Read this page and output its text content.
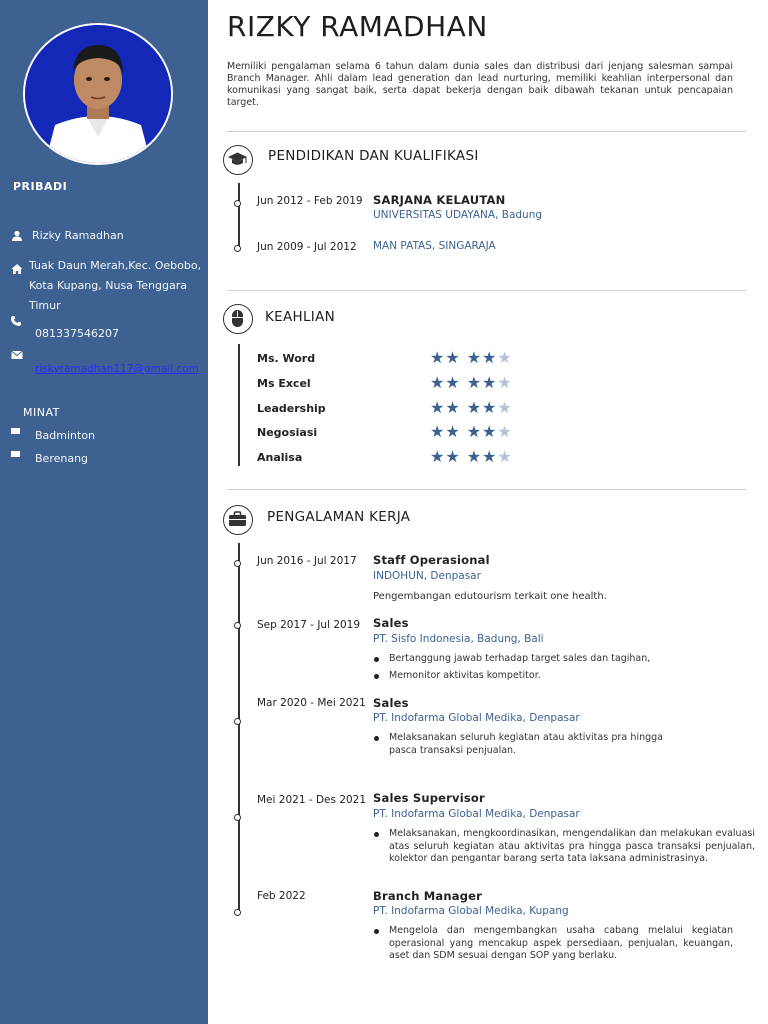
PRIBADI
Rizky Ramadhan
Tuak Daun Merah,Kec. Oebobo, Kota Kupang, Nusa Tenggara Timur
081337546207
riskyramadhan117@gmail.com
MINAT
Badminton
Berenang
RIZKY RAMADHAN
Memiliki pengalaman selama 6 tahun dalam dunia sales dan distribusi dari jenjang salesman sampai Branch Manager. Ahli dalam lead generation dan lead nurturing, memiliki keahlian interpersonal dan komunikasi yang sangat baik, serta dapat bekerja dengan baik dibawah tekanan untuk pencapaian target.
PENDIDIKAN DAN KUALIFIKASI
Jun 2012 - Feb 2019 SARJANA KELAUTAN
UNIVERSITAS UDAYANA, Badung
Jun 2009 - Jul 2012 MAN PATAS, SINGARAJA
KEAHLIAN
Ms. Word	★★ ★★★
Ms Excel	★★ ★★★
Leadership	★★ ★★★
Negosiasi	★★ ★★★
Analisa	★★ ★★★
PENGALAMAN KERJA
Jun 2016 - Jul 2017 Staff Operasional
INDOHUN, Denpasar
Pengembangan edutourism terkait one health.
Sep 2017 - Jul 2019 Sales
PT. Sisfo Indonesia, Badung, Bali
Bertanggung jawab terhadap target sales dan tagihan,
Memonitor aktivitas kompetitor.
Mar 2020 - Mei 2021 Sales
PT. Indofarma Global Medika, Denpasar
Melaksanakan seluruh kegiatan atau aktivitas pra hingga pasca transaksi penjualan.
Mei 2021 - Des 2021 Sales Supervisor
PT. Indofarma Global Medika, Denpasar
Melaksanakan, mengkoordinasikan, mengendalikan dan melakukan evaluasi atas seluruh kegiatan atau aktivitas pra hingga pasca transaksi penjualan, kolektor dan pengantar barang serta tata laksana administrasinya.
Feb 2022	Branch Manager
PT. Indofarma Global Medika, Kupang
Mengelola dan mengembangkan usaha cabang melalui kegiatan operasional yang mencakup aspek persediaan, penjualan, keuangan, aset dan SDM sesuai dengan SOP yang berlaku.
